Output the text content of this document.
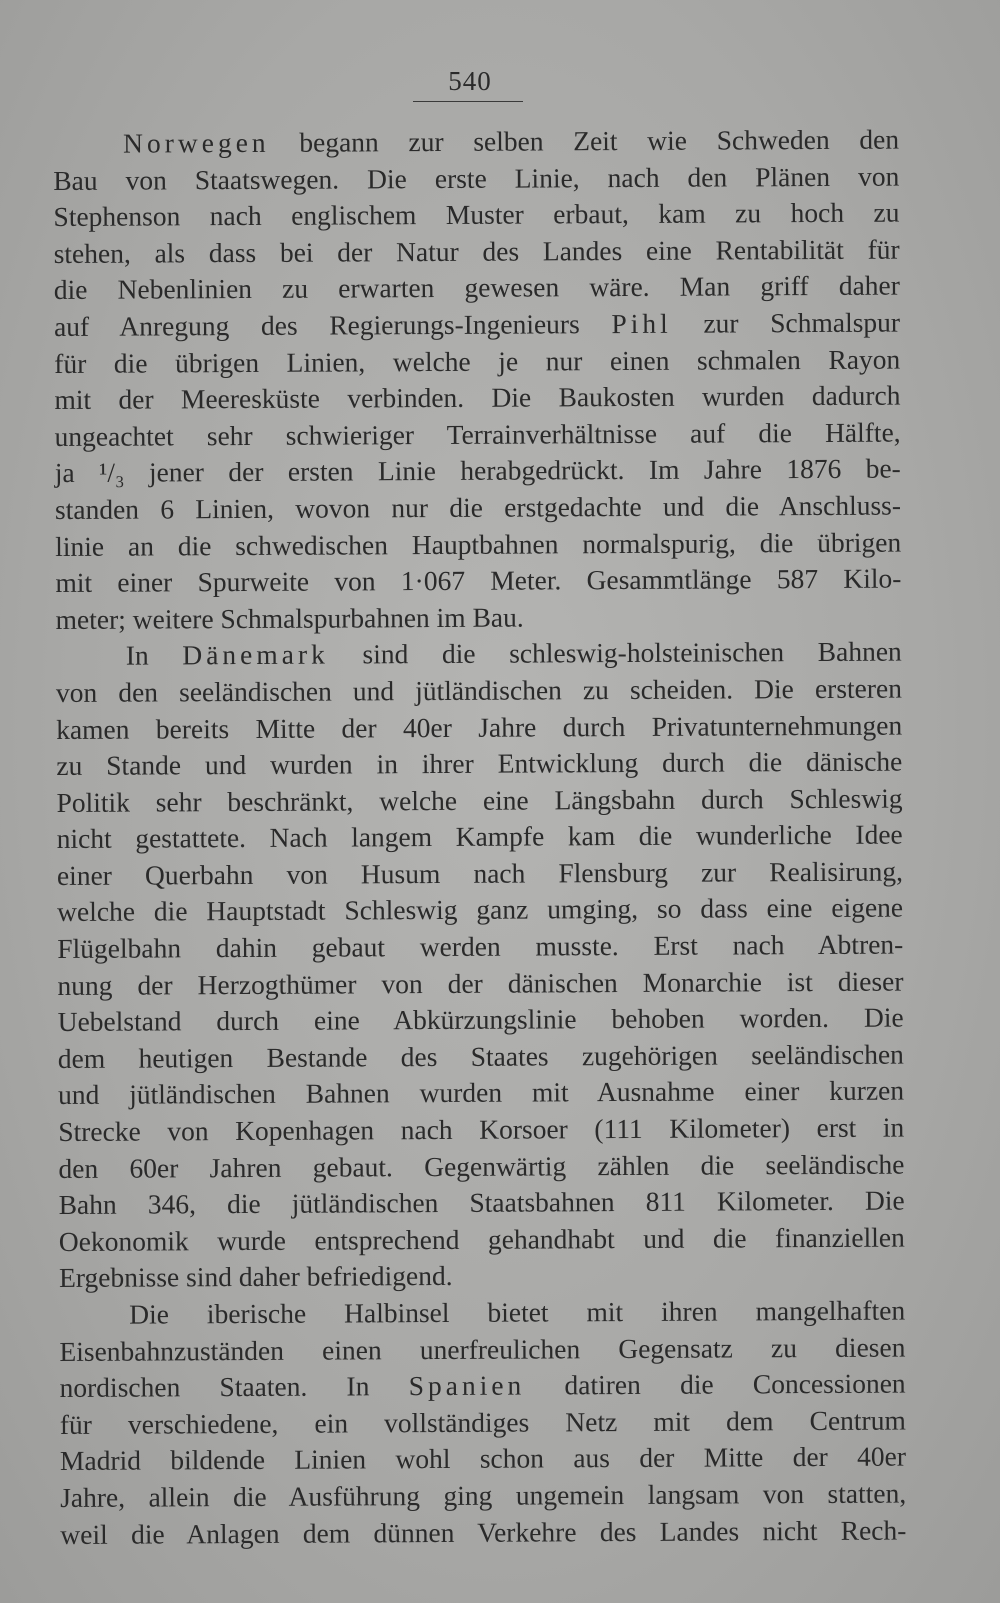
540
Norwegen begann zur selben Zeit wie Schweden den
Bau von Staatswegen. Die erste Linie, nach den Plänen von
Stephenson nach englischem Muster erbaut, kam zu hoch zu
stehen, als dass bei der Natur des Landes eine Rentabilität für
die Nebenlinien zu erwarten gewesen wäre. Man griff daher
auf Anregung des Regierungs-Ingenieurs Pihl zur Schmalspur
für die übrigen Linien, welche je nur einen schmalen Rayon
mit der Meeresküste verbinden. Die Baukosten wurden dadurch
ungeachtet sehr schwieriger Terrainverhältnisse auf die Hälfte,
ja ¹/₃ jener der ersten Linie herabgedrückt. Im Jahre 1876 be-
standen 6 Linien, wovon nur die erstgedachte und die Anschluss-
linie an die schwedischen Hauptbahnen normalspurig, die übrigen
mit einer Spurweite von 1·067 Meter. Gesammtlänge 587 Kilo-
meter; weitere Schmalspurbahnen im Bau.
In Dänemark sind die schleswig-holsteinischen Bahnen
von den seeländischen und jütländischen zu scheiden. Die ersteren
kamen bereits Mitte der 40er Jahre durch Privatunternehmungen
zu Stande und wurden in ihrer Entwicklung durch die dänische
Politik sehr beschränkt, welche eine Längsbahn durch Schleswig
nicht gestattete. Nach langem Kampfe kam die wunderliche Idee
einer Querbahn von Husum nach Flensburg zur Realisirung,
welche die Hauptstadt Schleswig ganz umging, so dass eine eigene
Flügelbahn dahin gebaut werden musste. Erst nach Abtren-
nung der Herzogthümer von der dänischen Monarchie ist dieser
Uebelstand durch eine Abkürzungslinie behoben worden. Die
dem heutigen Bestande des Staates zugehörigen seeländischen
und jütländischen Bahnen wurden mit Ausnahme einer kurzen
Strecke von Kopenhagen nach Korsoer (111 Kilometer) erst in
den 60er Jahren gebaut. Gegenwärtig zählen die seeländische
Bahn 346, die jütländischen Staatsbahnen 811 Kilometer. Die
Oekonomik wurde entsprechend gehandhabt und die finanziellen
Ergebnisse sind daher befriedigend.
Die iberische Halbinsel bietet mit ihren mangelhaften
Eisenbahnzuständen einen unerfreulichen Gegensatz zu diesen
nordischen Staaten. In Spanien datiren die Concessionen
für verschiedene, ein vollständiges Netz mit dem Centrum
Madrid bildende Linien wohl schon aus der Mitte der 40er
Jahre, allein die Ausführung ging ungemein langsam von statten,
weil die Anlagen dem dünnen Verkehre des Landes nicht Rech-
